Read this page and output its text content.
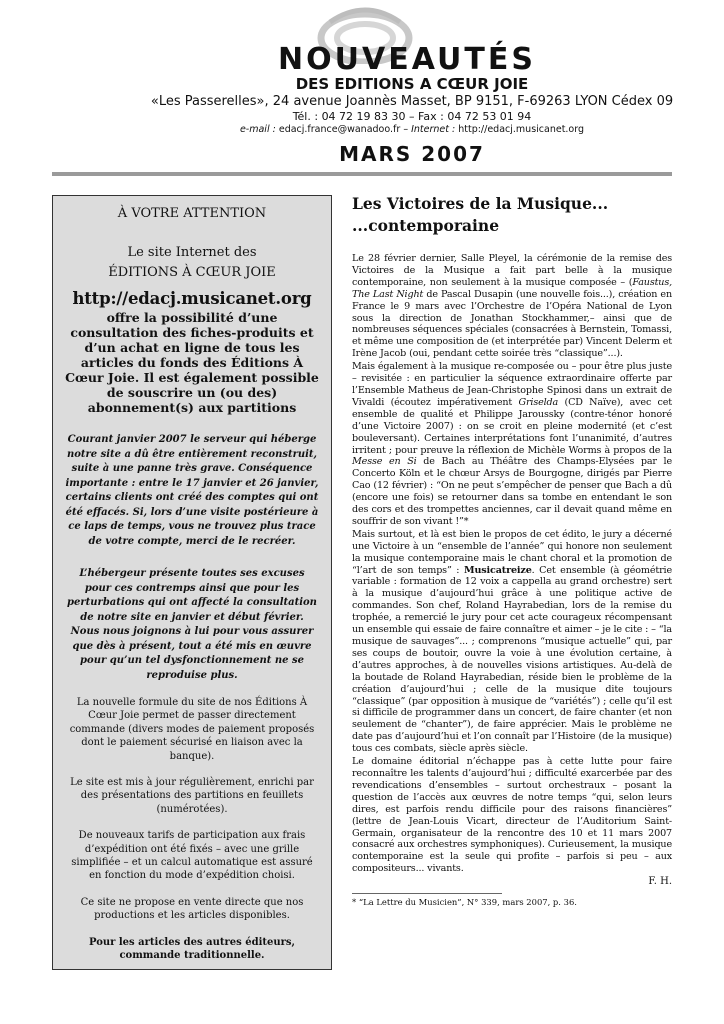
NOUVEAUTÉS
DES EDITIONS A CŒUR JOIE
«Les Passerelles», 24 avenue Joannès Masset, BP 9151, F-69263 LYON Cédex 09
Tél. : 04 72 19 83 30 – Fax : 04 72 53 01 94
e-mail : edacj.france@wanadoo.fr – Internet : http://edacj.musicanet.org
MARS 2007
À VOTRE ATTENTION
Le site Internet des
ÉDITIONS À CŒUR JOIE
http://edacj.musicanet.org
offre la possibilité d’une consultation des fiches-produits et d’un achat en ligne de tous les articles du fonds des Éditions À Cœur Joie. Il est également possible de souscrire un (ou des) abonnement(s) aux partitions
Courant janvier 2007 le serveur qui héberge notre site a dû être entièrement reconstruit, suite à une panne très grave. Conséquence importante : entre le 17 janvier et 26 janvier, certains clients ont créé des comptes qui ont été effacés. Si, lors d’une visite postérieure à ce laps de temps, vous ne trouvez plus trace de votre compte, merci de le recréer.
L’hébergeur présente toutes ses excuses pour ces contremps ainsi que pour les perturbations qui ont affecté la consultation de notre site en janvier et début février. Nous nous joignons à lui pour vous assurer que dès à présent, tout a été mis en œuvre pour qu’un tel dysfonctionnement ne se reproduise plus.
La nouvelle formule du site de nos Éditions À Cœur Joie permet de passer directement commande (divers modes de paiement proposés dont le paiement sécurisé en liaison avec la banque).
Le site est mis à jour régulièrement, enrichi par des présentations des partitions en feuillets (numérotées).
De nouveaux tarifs de participation aux frais d’expédition ont été fixés – avec une grille simplifiée – et un calcul automatique est assuré en fonction du mode d’expédition choisi.
Ce site ne propose en vente directe que nos productions et les articles disponibles.
Pour les articles des autres éditeurs, commande traditionnelle.
Les Victoires de la Musique...
...contemporaine

Le 28 février dernier, Salle Pleyel, la cérémonie de la remise des Victoires de la Musique a fait part belle à la musique contemporaine, non seulement à la musique composée – (Faustus, The Last Night de Pascal Dusapin (une nouvelle fois...), création en France le 9 mars avec l’Orchestre de l’Opéra National de Lyon sous la direction de Jonathan Stockhammer,– ainsi que de nombreuses séquences spéciales (consacrées à Bernstein, Tomassi, et même une composition de (et interprétée par) Vincent Delerm et Irène Jacob (oui, pendant cette soirée très “classique”...).

Mais également à la musique re-composée ou – pour être plus juste – revisitée : en particulier la séquence extraordinaire offerte par l’Ensemble Matheus de Jean-Christophe Spinosi dans un extrait de Vivaldi (écoutez impérativement Griselda (CD Naïve), avec cet ensemble de qualité et Philippe Jaroussky (contre-ténor honoré d’une Victoire 2007) : on se croit en pleine modernité (et c’est bouleversant). Certaines interprétations font l’unanimité, d’autres irritent ; pour preuve la réflexion de Michèle Worms à propos de la Messe en Si de Bach au Théâtre des Champs-Elysées par le Concerto Köln et le chœur Arsys de Bourgogne, dirigés par Pierre Cao (12 février) : “On ne peut s’empêcher de penser que Bach a dû (encore une fois) se retourner dans sa tombe en entendant le son des cors et des trompettes anciennes, car il devait quand même en souffrir de son vivant !”*

Mais surtout, et là est bien le propos de cet édito, le jury a décerné une Victoire à un “ensemble de l’année” qui honore non seulement la musique contemporaine mais le chant choral et la promotion de “l’art de son temps” : Musicatreize. Cet ensemble (à géométrie variable : formation de 12 voix a cappella au grand orchestre) sert à la musique d’aujourd’hui grâce à une politique active de commandes. Son chef, Roland Hayrabedian, lors de la remise du trophée, a remercié le jury pour cet acte courageux récompensant un ensemble qui essaie de faire connaître et aimer – je le cite : – “la musique de sauvages”... ; comprenons “musique actuelle” qui, par ses coups de boutoir, ouvre la voie à une évolution certaine, à d’autres approches, à de nouvelles visions artistiques. Au-delà de la boutade de Roland Hayrabedian, réside bien le problème de la création d’aujourd’hui ; celle de la musique dite toujours “classique” (par opposition à musique de “variétés”) ; celle qu’il est si difficile de programmer dans un concert, de faire chanter (et non seulement de “chanter”), de faire apprécier. Mais le problème ne date pas d’aujourd’hui et l’on connaît par l’Histoire (de la musique) tous ces combats, siècle après siècle.

Le domaine éditorial n’échappe pas à cette lutte pour faire reconnaître les talents d’aujourd’hui ; difficulté exarcerbée par des revendications d’ensembles – surtout orchestraux – posant la question de l’accès aux œuvres de notre temps “qui, selon leurs dires, est parfois rendu difficile pour des raisons financières” (lettre de Jean-Louis Vicart, directeur de l’Auditorium Saint-Germain, organisateur de la rencontre des 10 et 11 mars 2007 consacré aux orchestres symphoniques). Curieusement, la musique contemporaine est la seule qui profite – parfois si peu – aux compositeurs... vivants.

F. H.
* “La Lettre du Musicien”, N° 339, mars 2007, p. 36.
